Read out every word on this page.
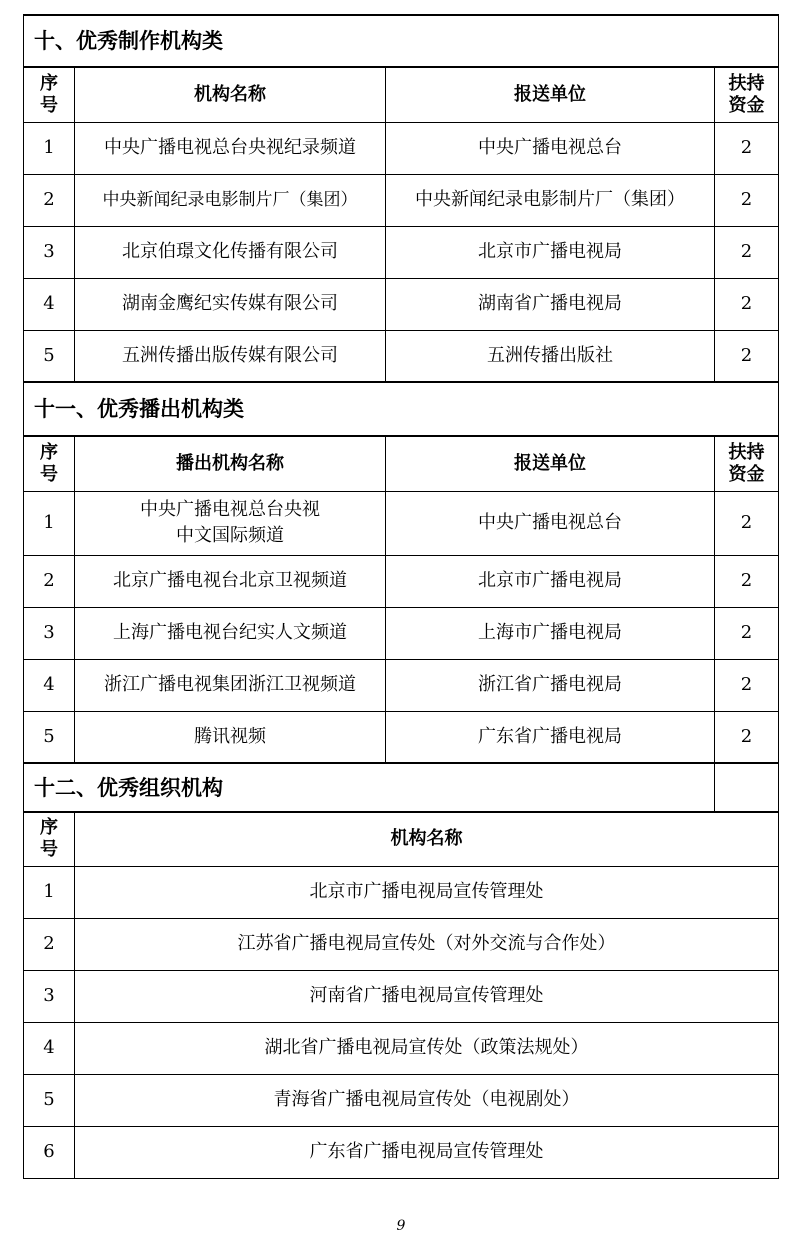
十、优秀制作机构类			

序
号	机构名称	报送单位	扶持
资金

1	中央广播电视总台央视纪录频道	中央广播电视总台	2
2	中央新闻纪录电影制片厂（集团）	中央新闻纪录电影制片厂（集团）	2
3	北京伯璟文化传播有限公司	北京市广播电视局	2
4	湖南金鹰纪实传媒有限公司	湖南省广播电视局	2
5	五洲传播出版传媒有限公司	五洲传播出版社	2
十一、优秀播出机构类			

序
号	播出机构名称	报送单位	扶持
资金

1	中央广播电视总台央视
中文国际频道	中央广播电视总台	2
2	北京广播电视台北京卫视频道	北京市广播电视局	2
3	上海广播电视台纪实人文频道	上海市广播电视局	2
4	浙江广播电视集团浙江卫视频道	浙江省广播电视局	2
5	腾讯视频	广东省广播电视局	2
十二、优秀组织机构			

序
号	机构名称		
1	北京市广播电视局宣传管理处		
2	江苏省广播电视局宣传处（对外交流与合作处）		
3	河南省广播电视局宣传管理处		
4	湖北省广播电视局宣传处（政策法规处）		
5	青海省广播电视局宣传处（电视剧处）		
6	广东省广播电视局宣传管理处		
9
